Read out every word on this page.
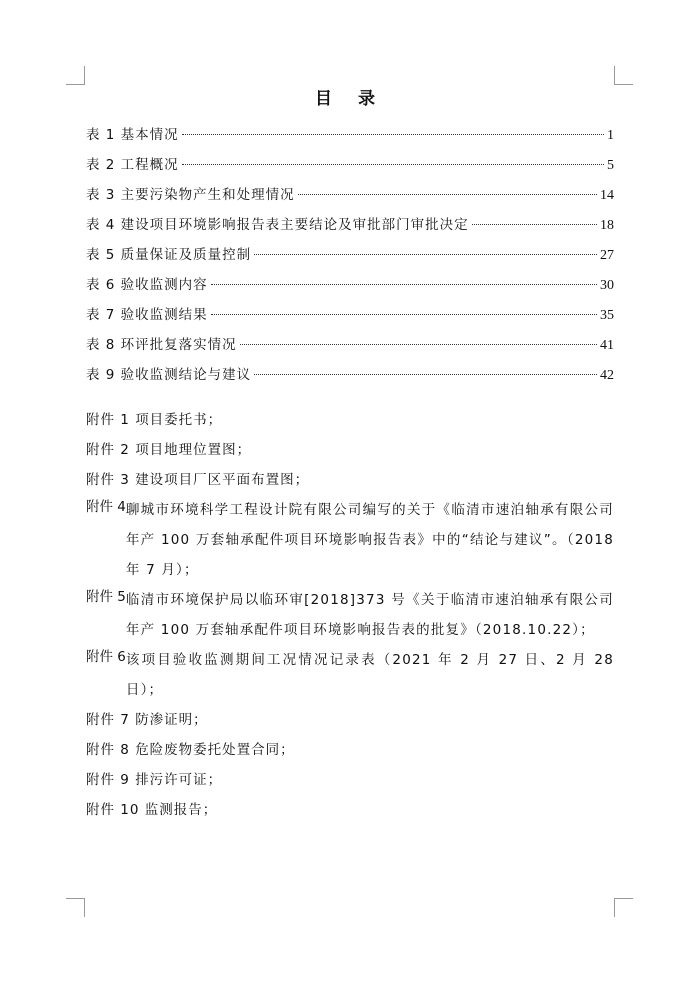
目 录
表 1 基本情况	1
表 2 工程概况	5
表 3 主要污染物产生和处理情况	14
表 4 建设项目环境影响报告表主要结论及审批部门审批决定	18
表 5 质量保证及质量控制	27
表 6 验收监测内容	30
表 7 验收监测结果	35
表 8 环评批复落实情况	41
表 9 验收监测结论与建议	42
附件 1 项目委托书；
附件 2 项目地理位置图；
附件 3 建设项目厂区平面布置图；
附件 4 聊城市环境科学工程设计院有限公司编写的关于《临清市速泊轴承有限公司年产 100 万套轴承配件项目环境影响报告表》中的“结论与建议”。（2018 年 7 月）；
附件 5 临清市环境保护局以临环审[2018]373 号《关于临清市速泊轴承有限公司年产 100 万套轴承配件项目环境影响报告表的批复》（2018.10.22）；
附件 6 该项目验收监测期间工况情况记录表（2021 年 2 月 27 日、2 月 28 日）；
附件 7 防渗证明；
附件 8 危险废物委托处置合同；
附件 9 排污许可证；
附件 10 监测报告；
